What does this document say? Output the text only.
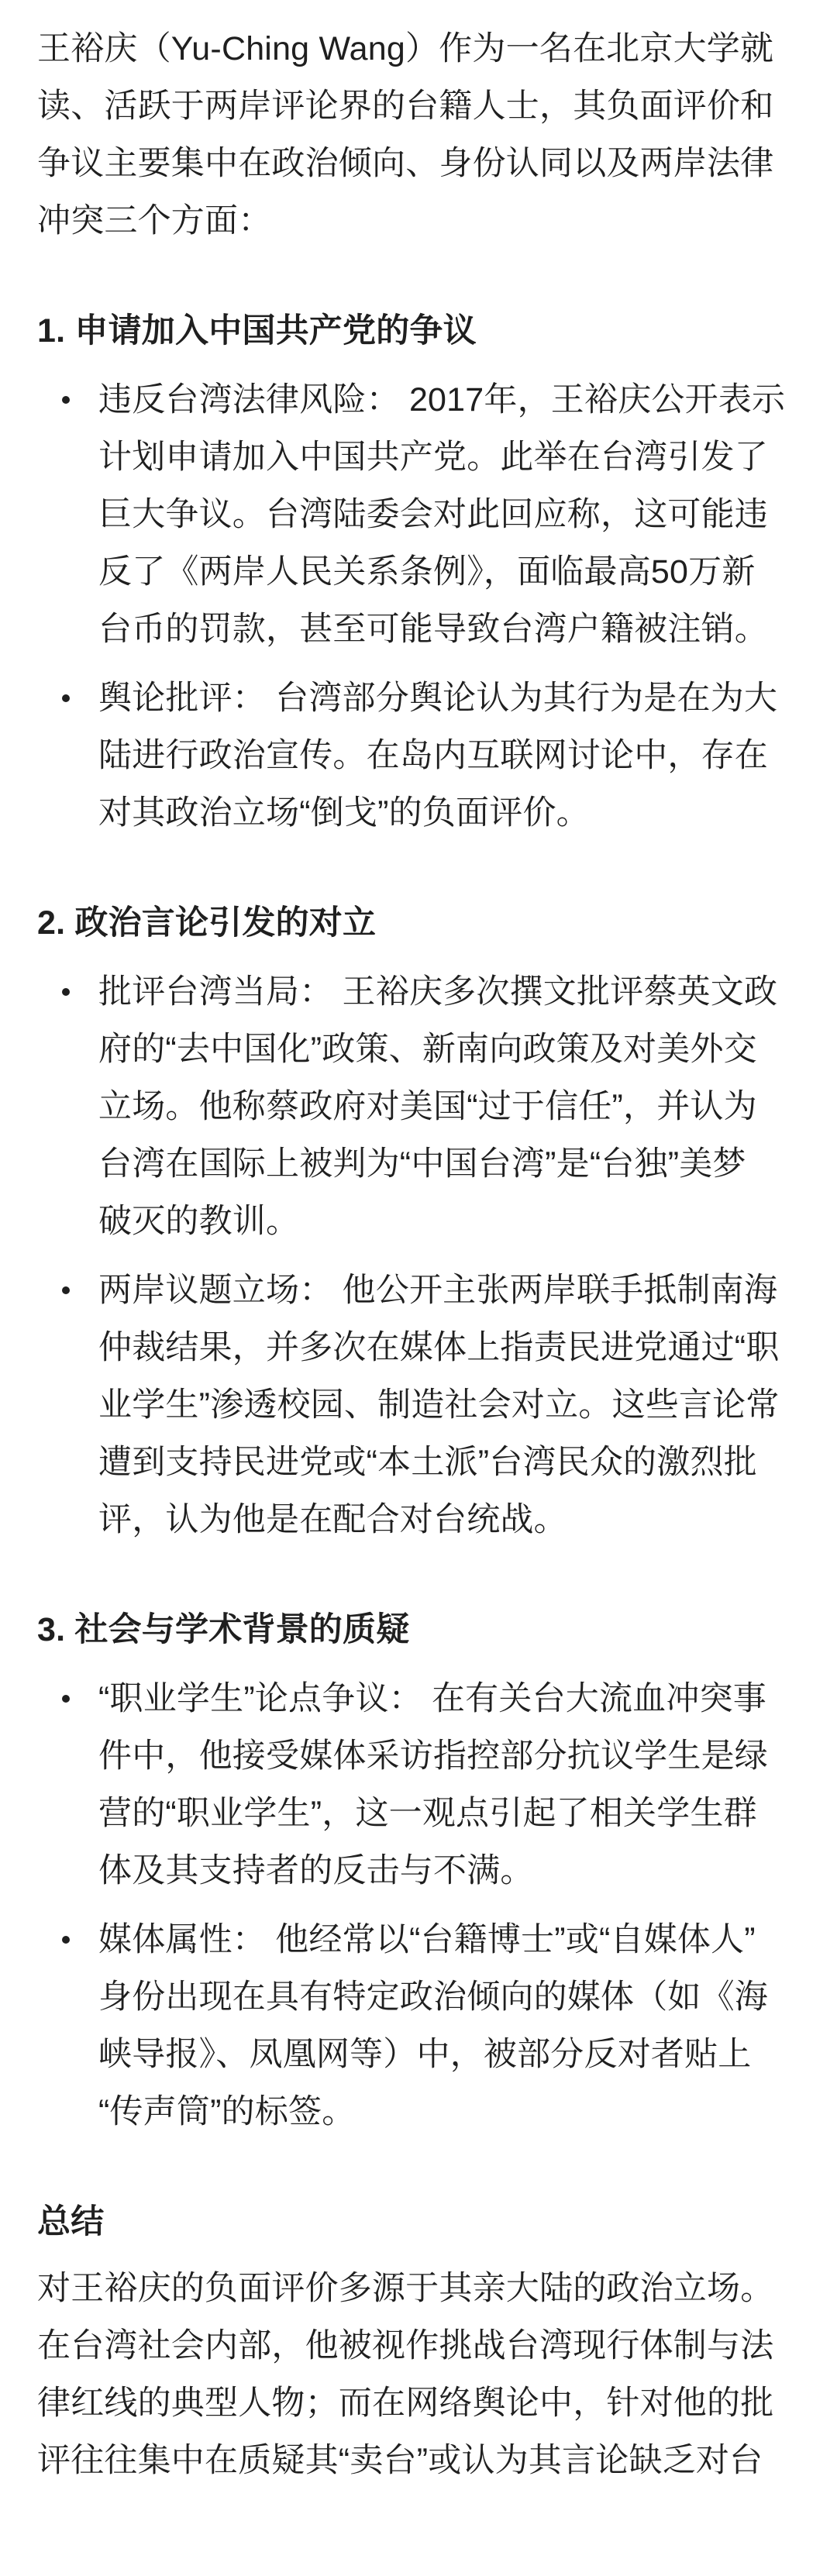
王裕庆（Yu-Ching Wang）作为一名在北京大学就
读、活跃于两岸评论界的台籍人士，其负面评价和
争议主要集中在政治倾向、身份认同以及两岸法律
冲突三个方面：
1. 申请加入中国共产党的争议
违反台湾法律风险： 2017年，王裕庆公开表示
计划申请加入中国共产党。此举在台湾引发了
巨大争议。台湾陆委会对此回应称，这可能违
反了《两岸人民关系条例》，面临最高50万新
台币的罚款，甚至可能导致台湾户籍被注销。
舆论批评： 台湾部分舆论认为其行为是在为大
陆进行政治宣传。在岛内互联网讨论中，存在
对其政治立场“倒戈”的负面评价。
2. 政治言论引发的对立
批评台湾当局： 王裕庆多次撰文批评蔡英文政
府的“去中国化”政策、新南向政策及对美外交
立场。他称蔡政府对美国“过于信任”，并认为
台湾在国际上被判为“中国台湾”是“台独”美梦
破灭的教训。
两岸议题立场： 他公开主张两岸联手抵制南海
仲裁结果，并多次在媒体上指责民进党通过“职
业学生”渗透校园、制造社会对立。这些言论常
遭到支持民进党或“本土派”台湾民众的激烈批
评，认为他是在配合对台统战。
3. 社会与学术背景的质疑
“职业学生”论点争议： 在有关台大流血冲突事
件中，他接受媒体采访指控部分抗议学生是绿
营的“职业学生”，这一观点引起了相关学生群
体及其支持者的反击与不满。
媒体属性： 他经常以“台籍博士”或“自媒体人”
身份出现在具有特定政治倾向的媒体（如《海
峡导报》、凤凰网等）中，被部分反对者贴上
“传声筒”的标签。
总结
对王裕庆的负面评价多源于其亲大陆的政治立场。
在台湾社会内部，他被视作挑战台湾现行体制与法
律红线的典型人物；而在网络舆论中，针对他的批
评往往集中在质疑其“卖台”或认为其言论缺乏对台
